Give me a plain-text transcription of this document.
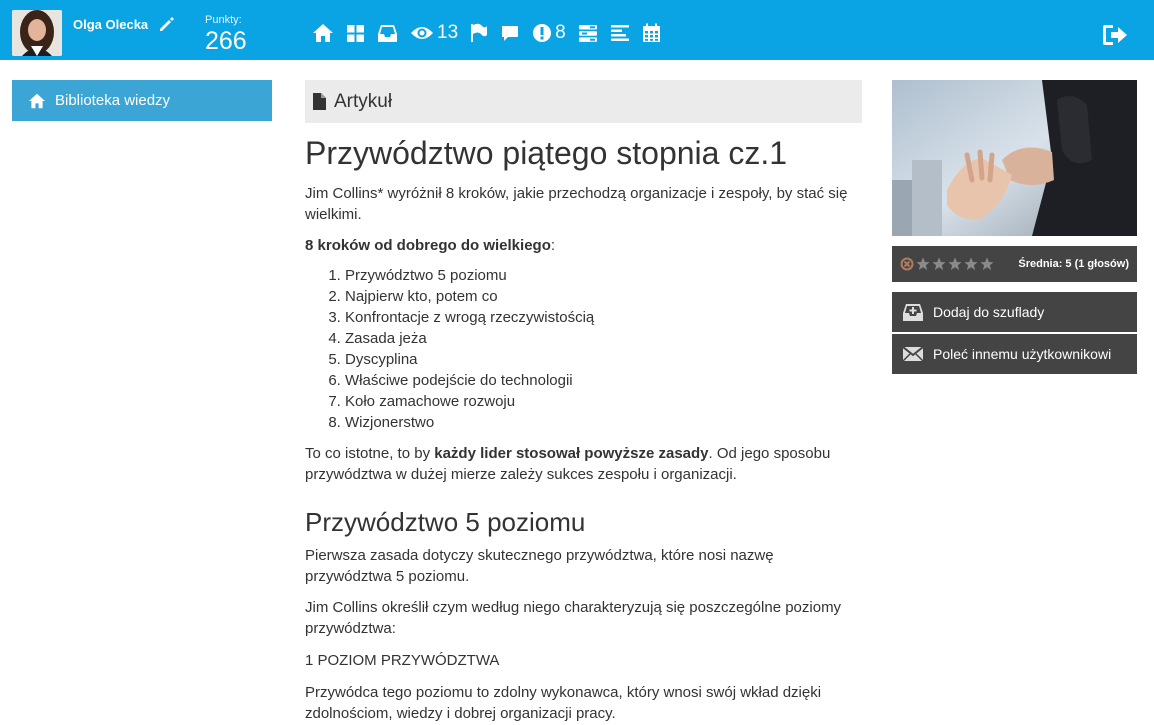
Olga Olecka	Punkty:
266	13	8
Biblioteka wiedzy	Artykuł
Przywództwo piątego stopnia cz.1

Jim Collins* wyróżnił 8 kroków, jakie przechodzą organizacje i zespoły, by stać się wielkimi.

8 kroków od dobrego do wielkiego:

1. Przywództwo 5 poziomu
2. Najpierw kto, potem co
3. Konfrontacje z wrogą rzeczywistością
4. Zasada jeża
5. Dyscyplina
6. Właściwe podejście do technologii
7. Koło zamachowe rozwoju
8. Wizjonerstwo

To co istotne, to by każdy lider stosował powyższe zasady. Od jego sposobu przywództwa w dużej mierze zależy sukces zespołu i organizacji.

Przywództwo 5 poziomu

Pierwsza zasada dotyczy skutecznego przywództwa, które nosi nazwę przywództwa 5 poziomu.

Jim Collins określił czym według niego charakteryzują się poszczególne poziomy przywództwa:

1 POZIOM PRZYWÓDZTWA

Przywódca tego poziomu to zdolny wykonawca, który wnosi swój wkład dzięki zdolnościom, wiedzy i dobrej organizacji pracy.

Średnia: 5 (1 głosów)
Dodaj do szuflady
Poleć innemu użytkownikowi
